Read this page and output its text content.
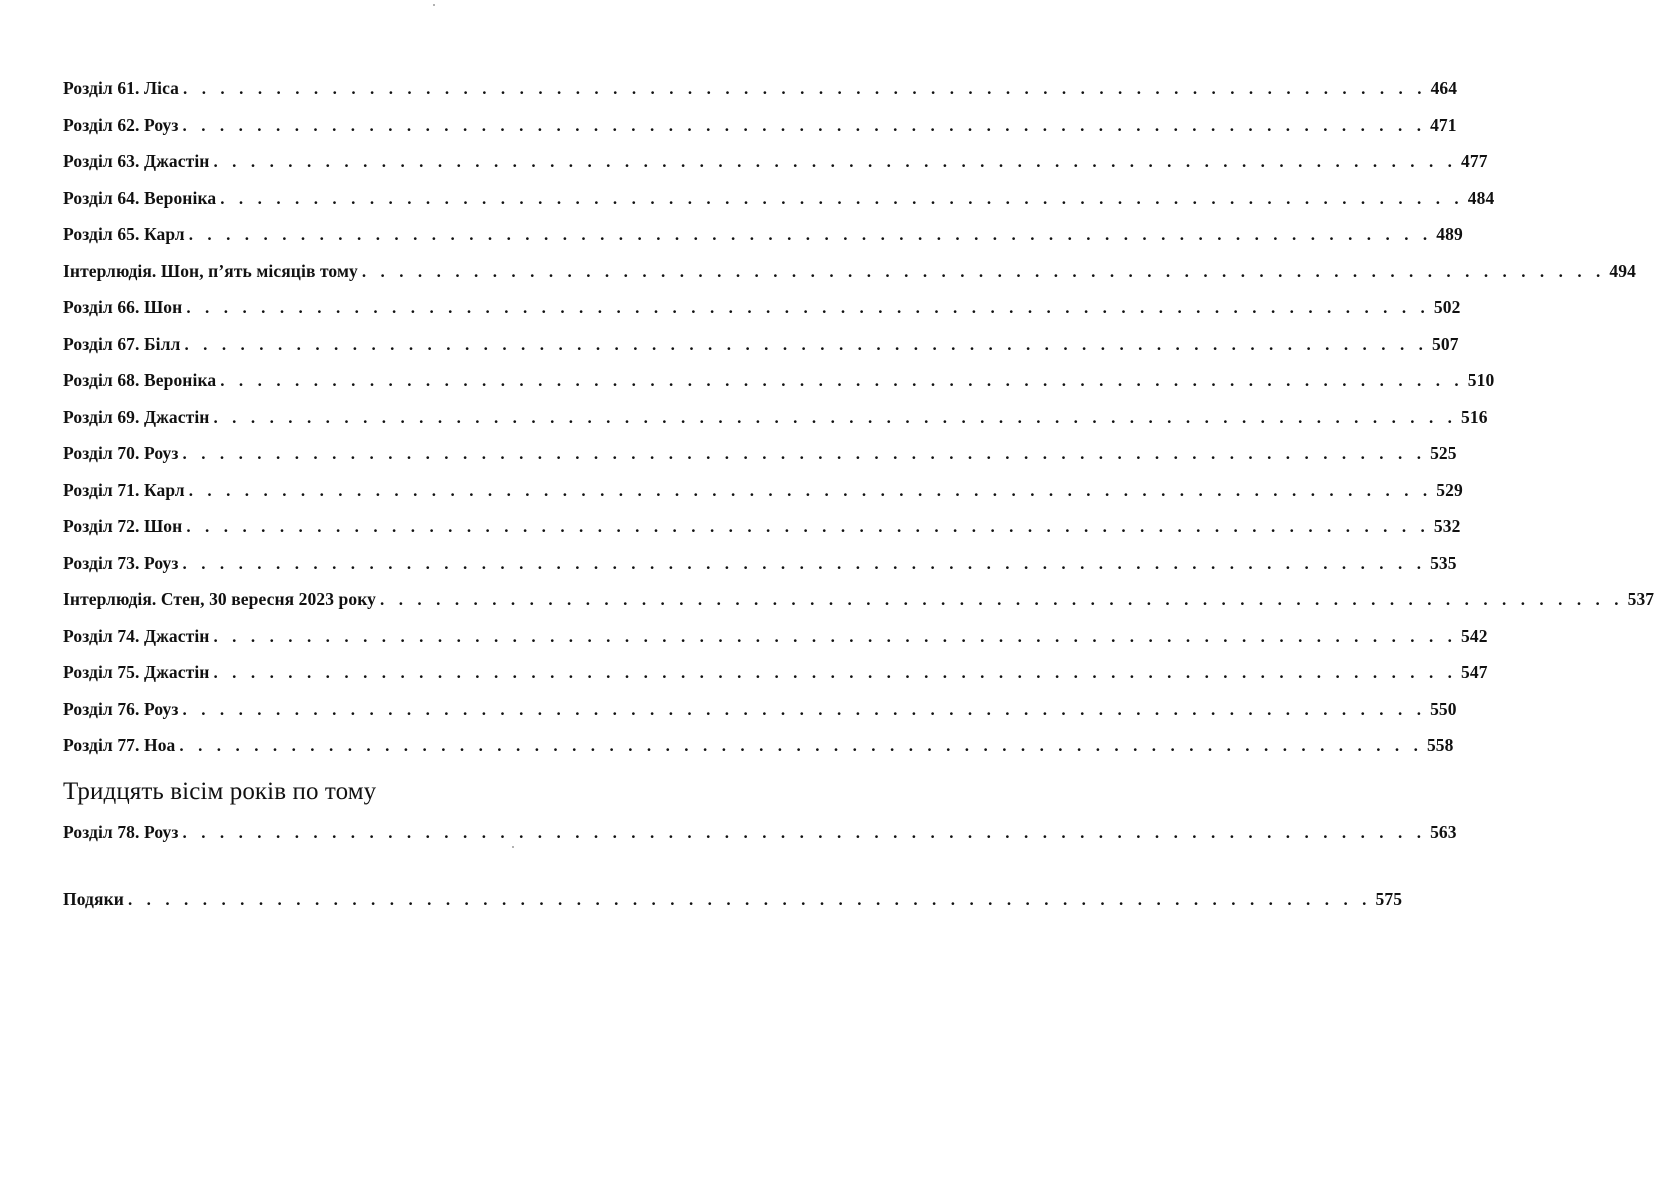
Розділ 61. Ліса . . . . . . . . . . . . . . . . . . . . . . . . . . . . . . . . . . . . . . . . . . . . . . . . . . . . . . . . . . . . . . . . . . . 464
Розділ 62. Роуз . . . . . . . . . . . . . . . . . . . . . . . . . . . . . . . . . . . . . . . . . . . . . . . . . . . . . . . . . . . . . . . . . . . 471
Розділ 63. Джастін . . . . . . . . . . . . . . . . . . . . . . . . . . . . . . . . . . . . . . . . . . . . . . . . . . . . . . . . . . . . . . . . . . . 477
Розділ 64. Вероніка . . . . . . . . . . . . . . . . . . . . . . . . . . . . . . . . . . . . . . . . . . . . . . . . . . . . . . . . . . . . . . . . . . . 484
Розділ 65. Карл . . . . . . . . . . . . . . . . . . . . . . . . . . . . . . . . . . . . . . . . . . . . . . . . . . . . . . . . . . . . . . . . . . . 489
Інтерлюдія. Шон, п’ять місяців тому . . . . . . . . . . . . . . . . . . . . . . . . . . . . . . . . . . . . . . . . . . . . . . . . . . . . . . . . . . . . . . . . . . . 494
Розділ 66. Шон . . . . . . . . . . . . . . . . . . . . . . . . . . . . . . . . . . . . . . . . . . . . . . . . . . . . . . . . . . . . . . . . . . . 502
Розділ 67. Білл . . . . . . . . . . . . . . . . . . . . . . . . . . . . . . . . . . . . . . . . . . . . . . . . . . . . . . . . . . . . . . . . . . . 507
Розділ 68. Вероніка . . . . . . . . . . . . . . . . . . . . . . . . . . . . . . . . . . . . . . . . . . . . . . . . . . . . . . . . . . . . . . . . . . . 510
Розділ 69. Джастін . . . . . . . . . . . . . . . . . . . . . . . . . . . . . . . . . . . . . . . . . . . . . . . . . . . . . . . . . . . . . . . . . . . 516
Розділ 70. Роуз . . . . . . . . . . . . . . . . . . . . . . . . . . . . . . . . . . . . . . . . . . . . . . . . . . . . . . . . . . . . . . . . . . . 525
Розділ 71. Карл . . . . . . . . . . . . . . . . . . . . . . . . . . . . . . . . . . . . . . . . . . . . . . . . . . . . . . . . . . . . . . . . . . . 529
Розділ 72. Шон . . . . . . . . . . . . . . . . . . . . . . . . . . . . . . . . . . . . . . . . . . . . . . . . . . . . . . . . . . . . . . . . . . . 532
Розділ 73. Роуз . . . . . . . . . . . . . . . . . . . . . . . . . . . . . . . . . . . . . . . . . . . . . . . . . . . . . . . . . . . . . . . . . . . 535
Інтерлюдія. Стен, 30 вересня 2023 року . . . . . . . . . . . . . . . . . . . . . . . . . . . . . . . . . . . . . . . . . . . . . . . . . . . . . . . . . . . . . . . . . . . 537
Розділ 74. Джастін . . . . . . . . . . . . . . . . . . . . . . . . . . . . . . . . . . . . . . . . . . . . . . . . . . . . . . . . . . . . . . . . . . . 542
Розділ 75. Джастін . . . . . . . . . . . . . . . . . . . . . . . . . . . . . . . . . . . . . . . . . . . . . . . . . . . . . . . . . . . . . . . . . . . 547
Розділ 76. Роуз . . . . . . . . . . . . . . . . . . . . . . . . . . . . . . . . . . . . . . . . . . . . . . . . . . . . . . . . . . . . . . . . . . . 550
Розділ 77. Ноа . . . . . . . . . . . . . . . . . . . . . . . . . . . . . . . . . . . . . . . . . . . . . . . . . . . . . . . . . . . . . . . . . . . 558
Тридцять вісім років по тому
Розділ 78. Роуз . . . . . . . . . . . . . . . . . . . . . . . . . . . . . . . . . . . . . . . . . . . . . . . . . . . . . . . . . . . . . . . . . . . 563
Подяки . . . . . . . . . . . . . . . . . . . . . . . . . . . . . . . . . . . . . . . . . . . . . . . . . . . . . . . . . . . . . . . . . . . 575
